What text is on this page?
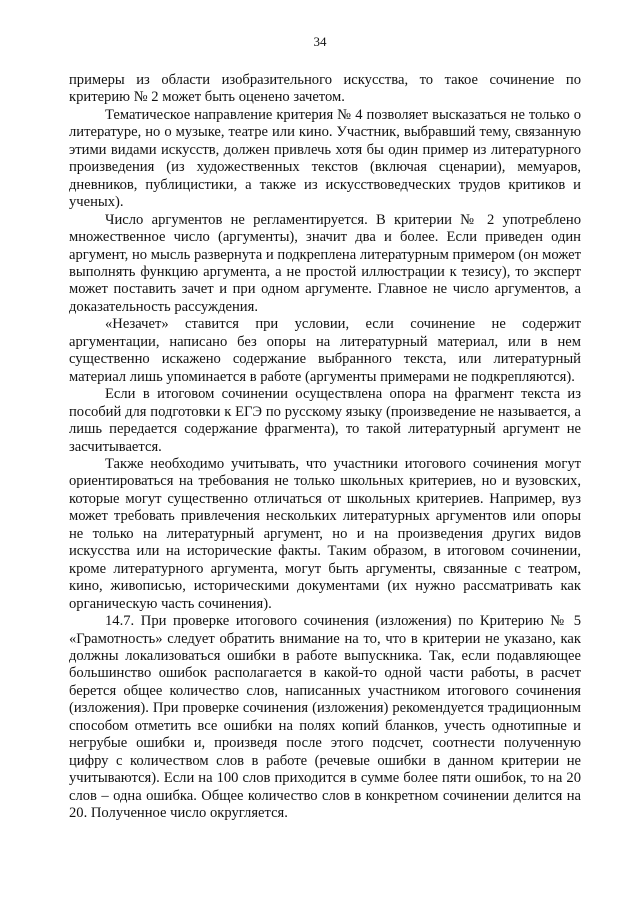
34

примеры из области изобразительного искусства, то такое сочинение по критерию № 2 может быть оценено зачетом.

Тематическое направление критерия № 4 позволяет высказаться не только о литературе, но о музыке, театре или кино. Участник, выбравший тему, связанную этими видами искусств, должен привлечь хотя бы один пример из литературного произведения (из художественных текстов (включая сценарии), мемуаров, дневников, публицистики, а также из искусствоведческих трудов критиков и ученых).

Число аргументов не регламентируется. В критерии № 2 употреблено множественное число (аргументы), значит два и более. Если приведен один аргумент, но мысль развернута и подкреплена литературным примером (он может выполнять функцию аргумента, а не простой иллюстрации к тезису), то эксперт может поставить зачет и при одном аргументе. Главное не число аргументов, а доказательность рассуждения.

«Незачет» ставится при условии, если сочинение не содержит аргументации, написано без опоры на литературный материал, или в нем существенно искажено содержание выбранного текста, или литературный материал лишь упоминается в работе (аргументы примерами не подкрепляются).

Если в итоговом сочинении осуществлена опора на фрагмент текста из пособий для подготовки к ЕГЭ по русскому языку (произведение не называется, а лишь передается содержание фрагмента), то такой литературный аргумент не засчитывается.

Также необходимо учитывать, что участники итогового сочинения могут ориентироваться на требования не только школьных критериев, но и вузовских, которые могут существенно отличаться от школьных критериев. Например, вуз может требовать привлечения нескольких литературных аргументов или опоры не только на литературный аргумент, но и на произведения других видов искусства или на исторические факты. Таким образом, в итоговом сочинении, кроме литературного аргумента, могут быть аргументы, связанные с театром, кино, живописью, историческими документами (их нужно рассматривать как органическую часть сочинения).

14.7. При проверке итогового сочинения (изложения) по Критерию № 5 «Грамотность» следует обратить внимание на то, что в критерии не указано, как должны локализоваться ошибки в работе выпускника. Так, если подавляющее большинство ошибок располагается в какой-то одной части работы, в расчет берется общее количество слов, написанных участником итогового сочинения (изложения). При проверке сочинения (изложения) рекомендуется традиционным способом отметить все ошибки на полях копий бланков, учесть однотипные и негрубые ошибки и, произведя после этого подсчет, соотнести полученную цифру с количеством слов в работе (речевые ошибки в данном критерии не учитываются). Если на 100 слов приходится в сумме более пяти ошибок, то на 20 слов – одна ошибка. Общее количество слов в конкретном сочинении делится на 20. Полученное число округляется.
